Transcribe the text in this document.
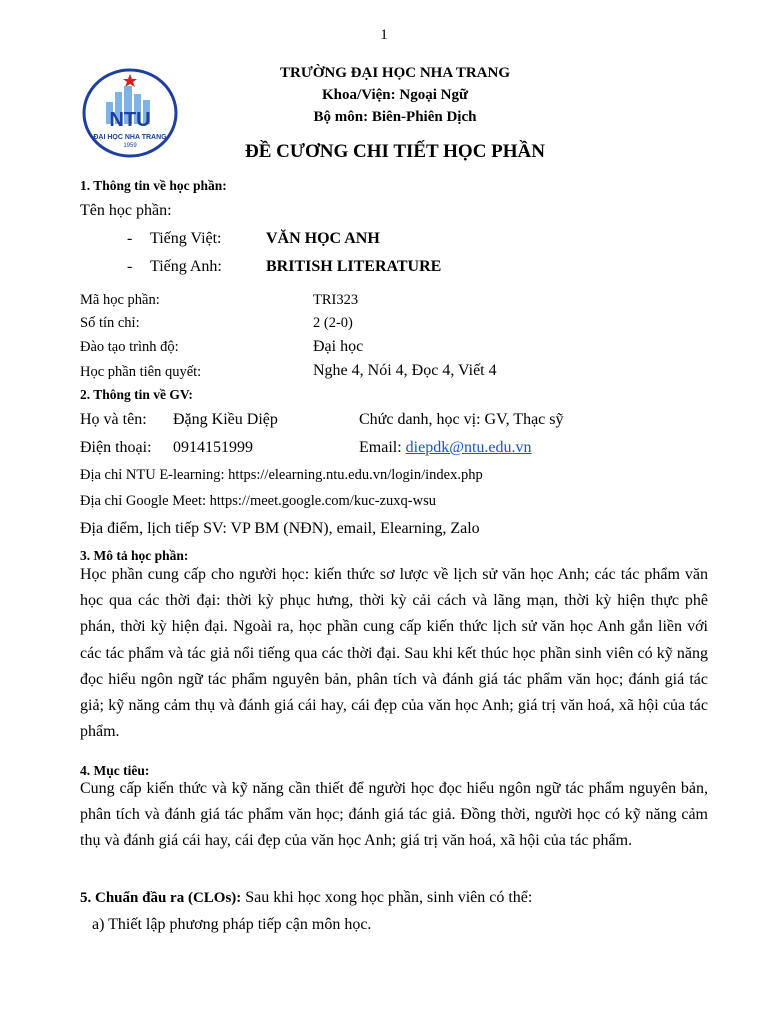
1
NTU
ĐẠI HỌC NHA TRANG
1959
TRƯỜNG ĐẠI HỌC NHA TRANG
Khoa/Viện: Ngoại Ngữ
Bộ môn: Biên-Phiên Dịch
ĐỀ CƯƠNG CHI TIẾT HỌC PHẦN
1. Thông tin về học phần:
Tên học phần:
- Tiếng Việt:	VĂN HỌC ANH
- Tiếng Anh:	BRITISH LITERATURE
Mã học phần:	TRI323
Số tín chỉ:	2 (2-0)
Đào tạo trình độ:	Đại học
Học phần tiên quyết:	Nghe 4, Nói 4, Đọc 4, Viết 4
2. Thông tin về GV:
Họ và tên: Đặng Kiều Diệp	Chức danh, học vị: GV, Thạc sỹ
Điện thoại: 0914151999	Email: diepdk@ntu.edu.vn
Địa chỉ NTU E-learning: https://elearning.ntu.edu.vn/login/index.php
Địa chỉ Google Meet: https://meet.google.com/kuc-zuxq-wsu
Địa điểm, lịch tiếp SV: VP BM (NĐN), email, Elearning, Zalo
3. Mô tả học phần:
Học phần cung cấp cho người học: kiến thức sơ lược về lịch sử văn học Anh; các tác phẩm văn học qua các thời đại: thời kỳ phục hưng, thời kỳ cải cách và lãng mạn, thời kỳ hiện thực phê phán, thời kỳ hiện đại. Ngoài ra, học phần cung cấp kiến thức lịch sử văn học Anh gắn liền với các tác phẩm và tác giả nổi tiếng qua các thời đại. Sau khi kết thúc học phần sinh viên có kỹ năng đọc hiểu ngôn ngữ tác phẩm nguyên bản, phân tích và đánh giá tác phẩm văn học; đánh giá tác giả; kỹ năng cảm thụ và đánh giá cái hay, cái đẹp của văn học Anh; giá trị văn hoá, xã hội của tác phẩm.
4. Mục tiêu:
Cung cấp kiến thức và kỹ năng cần thiết để người học đọc hiểu ngôn ngữ tác phẩm nguyên bản, phân tích và đánh giá tác phẩm văn học; đánh giá tác giả. Đồng thời, người học có kỹ năng cảm thụ và đánh giá cái hay, cái đẹp của văn học Anh; giá trị văn hoá, xã hội của tác phẩm.
5. Chuẩn đầu ra (CLOs): Sau khi học xong học phần, sinh viên có thể:
a) Thiết lập phương pháp tiếp cận môn học.
